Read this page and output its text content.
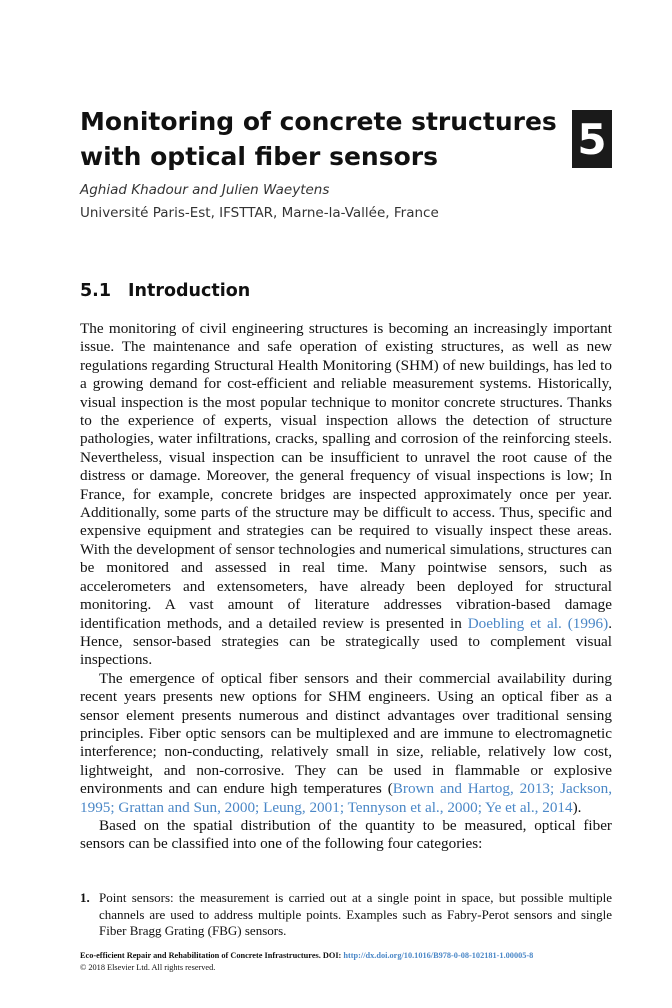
Monitoring of concrete structures
with optical fiber sensors	5

Aghiad Khadour and Julien Waeytens

Université Paris-Est, IFSTTAR, Marne-la-Vallée, France

5.1 Introduction

The monitoring of civil engineering structures is becoming an increasingly important issue. The maintenance and safe operation of existing structures, as well as new regulations regarding Structural Health Monitoring (SHM) of new buildings, has led to a growing demand for cost-efficient and reliable measurement systems. Historically, visual inspection is the most popular technique to monitor concrete structures. Thanks to the experience of experts, visual inspection allows the detection of structure pathologies, water infiltrations, cracks, spalling and corrosion of the reinforcing steels. Nevertheless, visual inspection can be insufficient to unravel the root cause of the distress or damage. Moreover, the general frequency of visual inspections is low; In France, for example, concrete bridges are inspected approximately once per year. Additionally, some parts of the structure may be difficult to access. Thus, specific and expensive equipment and strategies can be required to visually inspect these areas. With the development of sensor technologies and numerical simulations, structures can be monitored and assessed in real time. Many pointwise sensors, such as accelerometers and extensometers, have already been deployed for structural monitoring. A vast amount of literature addresses vibration-based damage identification methods, and a detailed review is presented in Doebling et al. (1996). Hence, sensor-based strategies can be strategically used to complement visual inspections.

The emergence of optical fiber sensors and their commercial availability during recent years presents new options for SHM engineers. Using an optical fiber as a sensor element presents numerous and distinct advantages over traditional sensing principles. Fiber optic sensors can be multiplexed and are immune to electromagnetic interference; non-conducting, relatively small in size, reliable, relatively low cost, lightweight, and non-corrosive. They can be used in flammable or explosive environments and can endure high temperatures (Brown and Hartog, 2013; Jackson, 1995; Grattan and Sun, 2000; Leung, 2001; Tennyson et al., 2000; Ye et al., 2014).

Based on the spatial distribution of the quantity to be measured, optical fiber sensors can be classified into one of the following four categories:

1. Point sensors: the measurement is carried out at a single point in space, but possible multiple channels are used to address multiple points. Examples such as Fabry-Perot sensors and single Fiber Bragg Grating (FBG) sensors.
Eco-efficient Repair and Rehabilitation of Concrete Infrastructures. DOI: http://dx.doi.org/10.1016/B978-0-08-102181-1.00005-8
© 2018 Elsevier Ltd. All rights reserved.
